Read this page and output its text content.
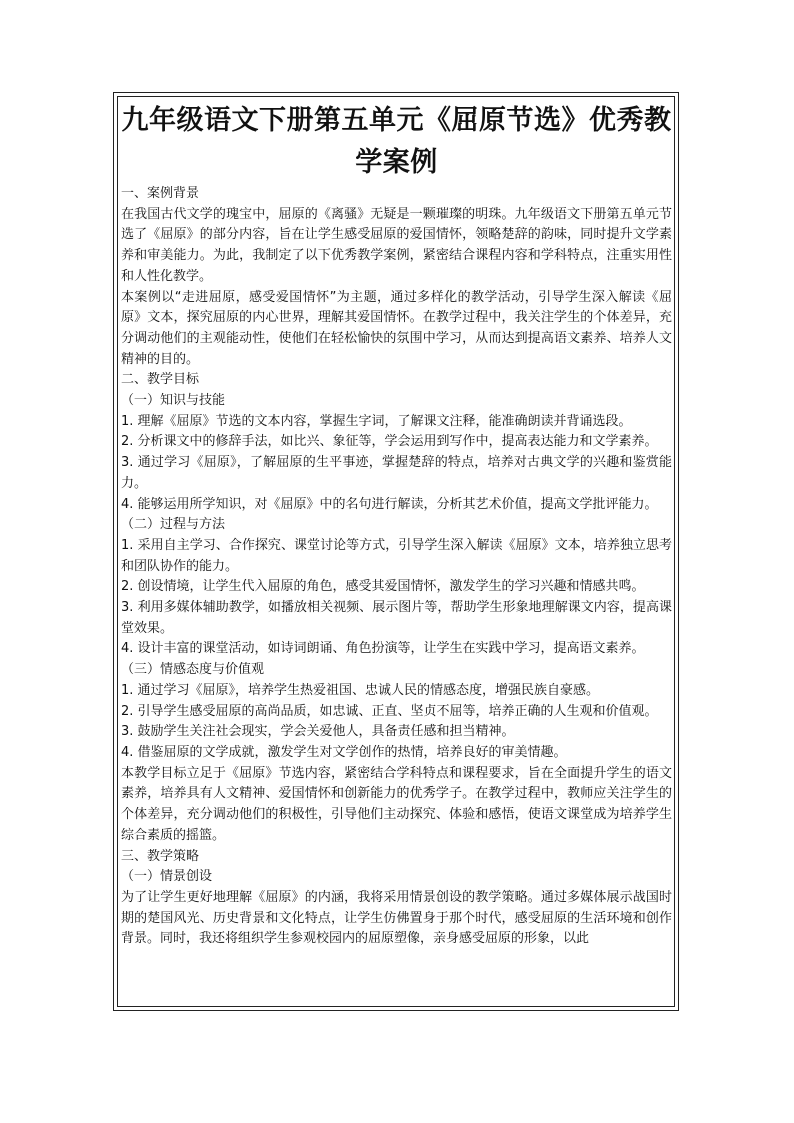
九年级语文下册第五单元《屈原节选》优秀教学案例

一、案例背景

在我国古代文学的瑰宝中，屈原的《离骚》无疑是一颗璀璨的明珠。九年级语文下册第五单元节选了《屈原》的部分内容，旨在让学生感受屈原的爱国情怀，领略楚辞的韵味，同时提升文学素养和审美能力。为此，我制定了以下优秀教学案例，紧密结合课程内容和学科特点，注重实用性和人性化教学。

本案例以“走进屈原，感受爱国情怀”为主题，通过多样化的教学活动，引导学生深入解读《屈原》文本，探究屈原的内心世界，理解其爱国情怀。在教学过程中，我关注学生的个体差异，充分调动他们的主观能动性，使他们在轻松愉快的氛围中学习，从而达到提高语文素养、培养人文精神的目的。

二、教学目标

（一）知识与技能

1. 理解《屈原》节选的文本内容，掌握生字词，了解课文注释，能准确朗读并背诵选段。

2. 分析课文中的修辞手法，如比兴、象征等，学会运用到写作中，提高表达能力和文学素养。

3. 通过学习《屈原》，了解屈原的生平事迹，掌握楚辞的特点，培养对古典文学的兴趣和鉴赏能力。

4. 能够运用所学知识，对《屈原》中的名句进行解读，分析其艺术价值，提高文学批评能力。

（二）过程与方法

1. 采用自主学习、合作探究、课堂讨论等方式，引导学生深入解读《屈原》文本，培养独立思考和团队协作的能力。

2. 创设情境，让学生代入屈原的角色，感受其爱国情怀，激发学生的学习兴趣和情感共鸣。

3. 利用多媒体辅助教学，如播放相关视频、展示图片等，帮助学生形象地理解课文内容，提高课堂效果。

4. 设计丰富的课堂活动，如诗词朗诵、角色扮演等，让学生在实践中学习，提高语文素养。

（三）情感态度与价值观

1. 通过学习《屈原》，培养学生热爱祖国、忠诚人民的情感态度，增强民族自豪感。

2. 引导学生感受屈原的高尚品质，如忠诚、正直、坚贞不屈等，培养正确的人生观和价值观。

3. 鼓励学生关注社会现实，学会关爱他人，具备责任感和担当精神。

4. 借鉴屈原的文学成就，激发学生对文学创作的热情，培养良好的审美情趣。

本教学目标立足于《屈原》节选内容，紧密结合学科特点和课程要求，旨在全面提升学生的语文素养，培养具有人文精神、爱国情怀和创新能力的优秀学子。在教学过程中，教师应关注学生的个体差异，充分调动他们的积极性，引导他们主动探究、体验和感悟，使语文课堂成为培养学生综合素质的摇篮。

三、教学策略

（一）情景创设

为了让学生更好地理解《屈原》的内涵，我将采用情景创设的教学策略。通过多媒体展示战国时期的楚国风光、历史背景和文化特点，让学生仿佛置身于那个时代，感受屈原的生活环境和创作背景。同时，我还将组织学生参观校园内的屈原塑像，亲身感受屈原的形象，以此
